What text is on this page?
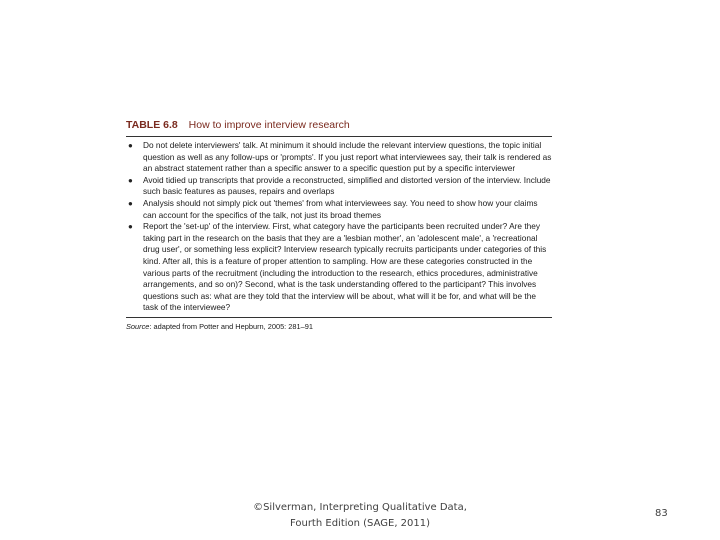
TABLE 6.8 How to improve interview research
● Do not delete interviewers' talk. At minimum it should include the relevant interview questions, the topic initial question as well as any follow-ups or 'prompts'. If you just report what interviewees say, their talk is rendered as an abstract statement rather than a specific answer to a specific question put by a specific interviewer
● Avoid tidied up transcripts that provide a reconstructed, simplified and distorted version of the interview. Include such basic features as pauses, repairs and overlaps
● Analysis should not simply pick out 'themes' from what interviewees say. You need to show how your claims can account for the specifics of the talk, not just its broad themes
● Report the 'set-up' of the interview. First, what category have the participants been recruited under? Are they taking part in the research on the basis that they are a 'lesbian mother', an 'adolescent male', a 'recreational drug user', or something less explicit? Interview research typically recruits participants under categories of this kind. After all, this is a feature of proper attention to sampling. How are these categories constructed in the various parts of the recruitment (including the introduction to the research, ethics procedures, administrative arrangements, and so on)? Second, what is the task understanding offered to the participant? This involves questions such as: what are they told that the interview will be about, what will it be for, and what will be the task of the interviewee?
Source: adapted from Potter and Hepburn, 2005: 281–91
©Silverman, Interpreting Qualitative Data,
Fourth Edition (SAGE, 2011)
83
